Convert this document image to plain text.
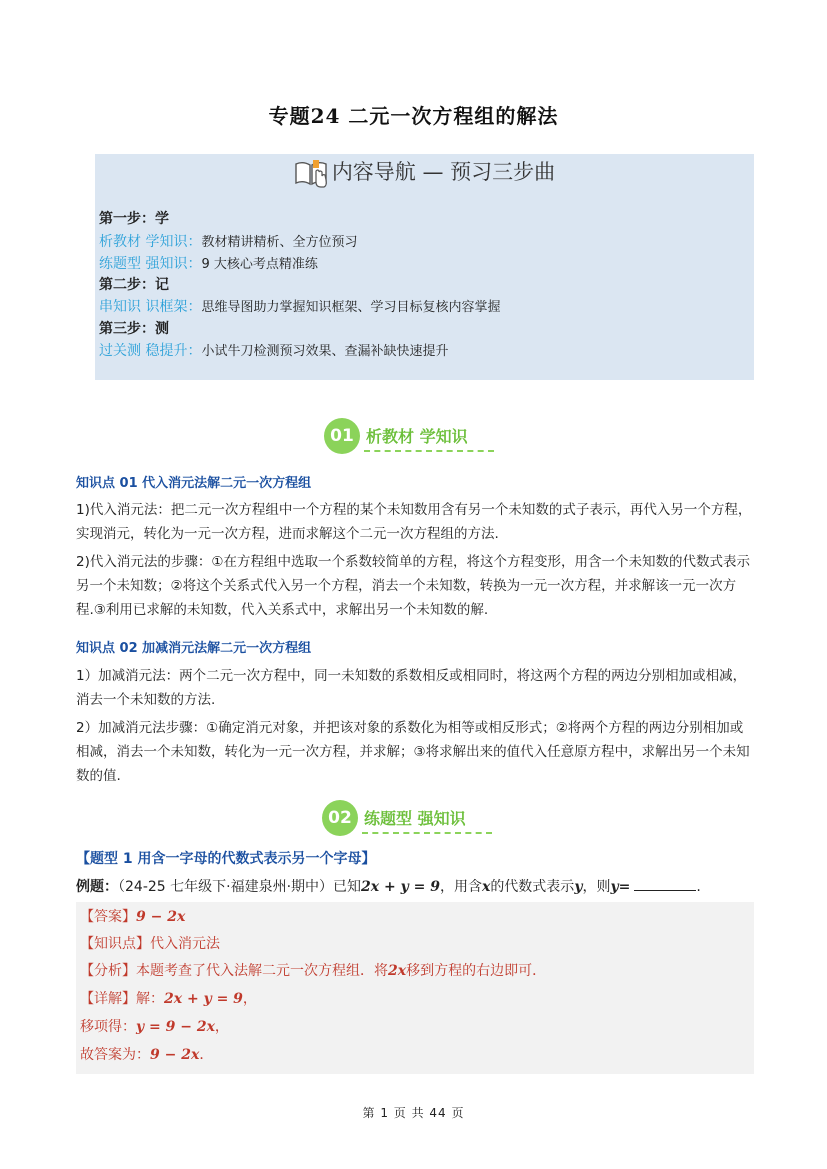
专题24 二元一次方程组的解法
内容导航 — 预习三步曲
第一步：学
析教材 学知识：教材精讲精析、全方位预习
练题型 强知识：9 大核心考点精准练
第二步：记
串知识 识框架：思维导图助力掌握知识框架、学习目标复核内容掌握
第三步：测
过关测 稳提升：小试牛刀检测预习效果、查漏补缺快速提升
01 析教材 学知识
知识点 01 代入消元法解二元一次方程组
1)代入消元法：把二元一次方程组中一个方程的某个未知数用含有另一个未知数的式子表示，再代入另一个方程，实现消元，转化为一元一次方程，进而求解这个二元一次方程组的方法.
2)代入消元法的步骤：①在方程组中选取一个系数较简单的方程，将这个方程变形，用含一个未知数的代数式表示另一个未知数；②将这个关系式代入另一个方程，消去一个未知数，转换为一元一次方程，并求解该一元一次方程.③利用已求解的未知数，代入关系式中，求解出另一个未知数的解.
知识点 02 加减消元法解二元一次方程组
1）加减消元法：两个二元一次方程中，同一未知数的系数相反或相同时，将这两个方程的两边分别相加或相减，消去一个未知数的方法.
2）加减消元法步骤：①确定消元对象，并把该对象的系数化为相等或相反形式；②将两个方程的两边分别相加或相减，消去一个未知数，转化为一元一次方程，并求解；③将求解出来的值代入任意原方程中，求解出另一个未知数的值.
02 练题型 强知识
【题型 1 用含一字母的代数式表示另一个字母】
例题：（24-25 七年级下·福建泉州·期中）已知2x + y = 9，用含x的代数式表示y，则y=	.
【答案】9 − 2x
【知识点】代入消元法
【分析】本题考查了代入法解二元一次方程组．将2x移到方程的右边即可．
【详解】解：2x + y = 9，
移项得：y = 9 − 2x，
故答案为：9 − 2x．
第 1 页 共 44 页
